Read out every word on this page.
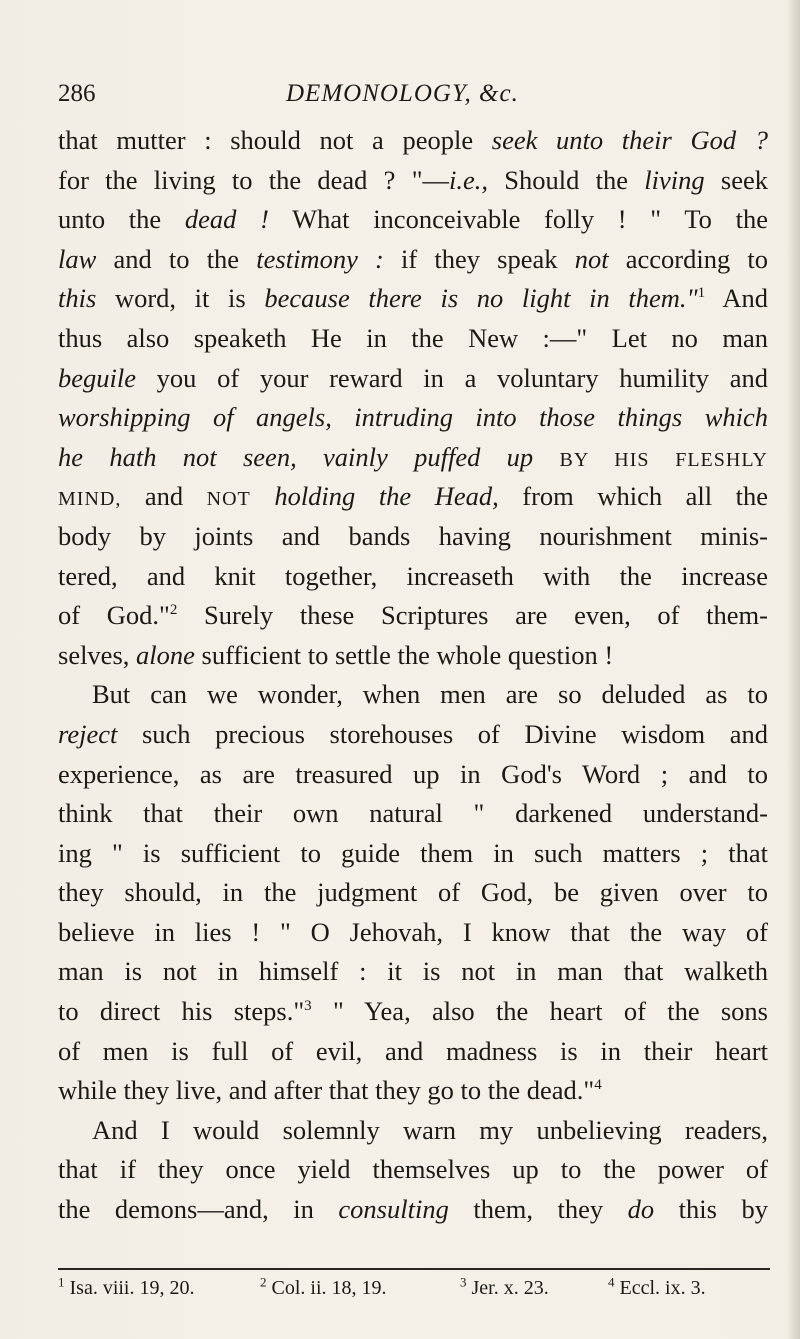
286	DEMONOLOGY, &c.
that mutter : should not a people seek unto their God ?
for the living to the dead ? "—i.e., Should the living seek
unto the dead ! What inconceivable folly ! " To the
law and to the testimony : if they speak not according to
this word, it is because there is no light in them."$^1$ And
thus also speaketh He in the New :—" Let no man
beguile you of your reward in a voluntary humility and
worshipping of angels, intruding into those things which
he hath not seen, vainly puffed up BY HIS FLESHLY
MIND, and NOT holding the Head, from which all the
body by joints and bands having nourishment minis-
tered, and knit together, increaseth with the increase
of God."$^2$ Surely these Scriptures are even, of them-
selves, alone sufficient to settle the whole question !
But can we wonder, when men are so deluded as to
reject such precious storehouses of Divine wisdom and
experience, as are treasured up in God's Word ; and to
think that their own natural " darkened understand-
ing " is sufficient to guide them in such matters ; that
they should, in the judgment of God, be given over to
believe in lies ! " O Jehovah, I know that the way of
man is not in himself : it is not in man that walketh
to direct his steps."$^3$ " Yea, also the heart of the sons
of men is full of evil, and madness is in their heart
while they live, and after that they go to the dead."$^4$
And I would solemnly warn my unbelieving readers,
that if they once yield themselves up to the power of
the demons—and, in consulting them, they do this by
$^1$ Isa. viii. 19, 20.	$^2$ Col. ii. 18, 19.	$^3$ Jer. x. 23.	$^4$ Eccl. ix. 3.
